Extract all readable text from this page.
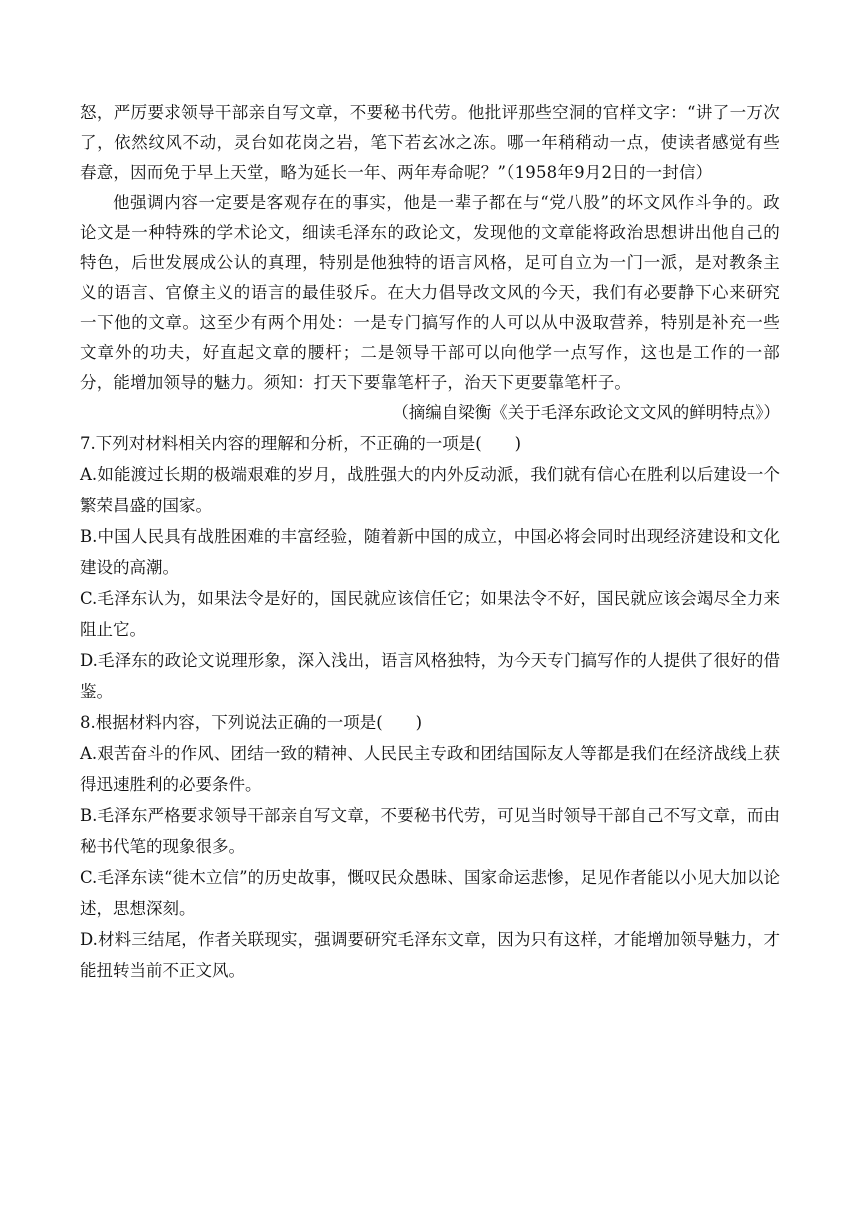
怒，严厉要求领导干部亲自写文章，不要秘书代劳。他批评那些空洞的官样文字：“讲了一万次了，依然纹风不动，灵台如花岗之岩，笔下若玄冰之冻。哪一年稍稍动一点，使读者感觉有些春意，因而免于早上天堂，略为延长一年、两年寿命呢？”（1958年9月2日的一封信）

他强调内容一定要是客观存在的事实，他是一辈子都在与“党八股”的坏文风作斗争的。政论文是一种特殊的学术论文，细读毛泽东的政论文，发现他的文章能将政治思想讲出他自己的特色，后世发展成公认的真理，特别是他独特的语言风格，足可自立为一门一派，是对教条主义的语言、官僚主义的语言的最佳驳斥。在大力倡导改文风的今天，我们有必要静下心来研究一下他的文章。这至少有两个用处：一是专门搞写作的人可以从中汲取营养，特别是补充一些文章外的功夫，好直起文章的腰杆；二是领导干部可以向他学一点写作，这也是工作的一部分，能增加领导的魅力。须知：打天下要靠笔杆子，治天下更要靠笔杆子。

（摘编自梁衡《关于毛泽东政论文文风的鲜明特点》）

7.下列对材料相关内容的理解和分析，不正确的一项是(　　)

A.如能渡过长期的极端艰难的岁月，战胜强大的内外反动派，我们就有信心在胜利以后建设一个繁荣昌盛的国家。

B.中国人民具有战胜困难的丰富经验，随着新中国的成立，中国必将会同时出现经济建设和文化建设的高潮。

C.毛泽东认为，如果法令是好的，国民就应该信任它；如果法令不好，国民就应该会竭尽全力来阻止它。

D.毛泽东的政论文说理形象，深入浅出，语言风格独特，为今天专门搞写作的人提供了很好的借鉴。

8.根据材料内容，下列说法正确的一项是(　　)

A.艰苦奋斗的作风、团结一致的精神、人民民主专政和团结国际友人等都是我们在经济战线上获得迅速胜利的必要条件。

B.毛泽东严格要求领导干部亲自写文章，不要秘书代劳，可见当时领导干部自己不写文章，而由秘书代笔的现象很多。

C.毛泽东读“徙木立信”的历史故事，慨叹民众愚昧、国家命运悲惨，足见作者能以小见大加以论述，思想深刻。

D.材料三结尾，作者关联现实，强调要研究毛泽东文章，因为只有这样，才能增加领导魅力，才能扭转当前不正文风。
